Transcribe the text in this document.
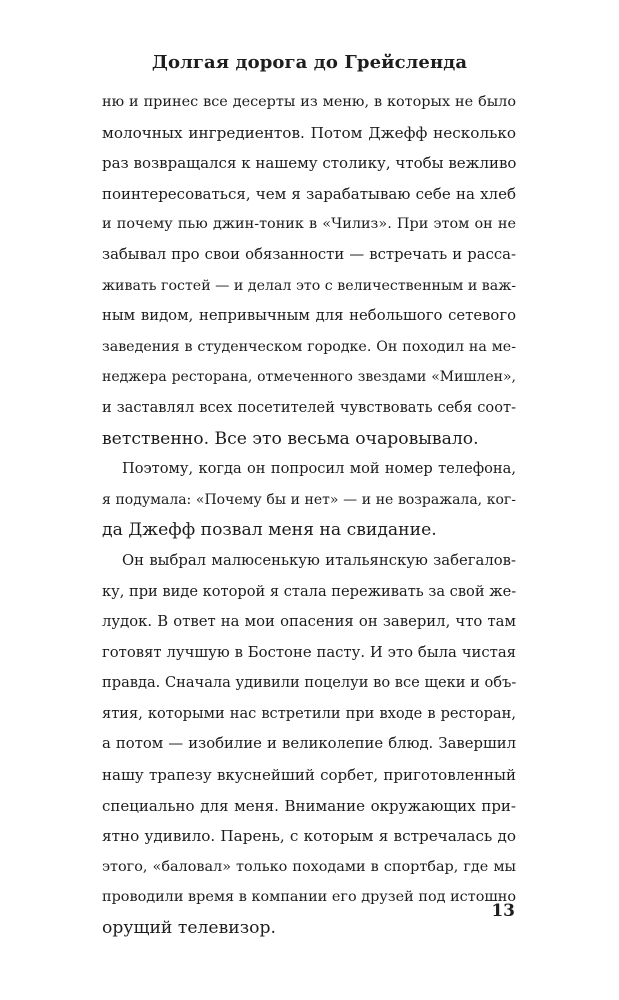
Долгая дорога до Грейсленда
ню и принес все десерты из меню, в которых не было
молочных ингредиентов. Потом Джефф несколько
раз возвращался к нашему столику, чтобы вежливо
поинтересоваться, чем я зарабатываю себе на хлеб
и почему пью джин-тоник в «Чилиз». При этом он не
забывал про свои обязанности — встречать и расса-
живать гостей — и делал это с величественным и важ-
ным видом, непривычным для небольшого сетевого
заведения в студенческом городке. Он походил на ме-
неджера ресторана, отмеченного звездами «Мишлен»,
и заставлял всех посетителей чувствовать себя соот-
ветственно. Все это весьма очаровывало.
Поэтому, когда он попросил мой номер телефона,
я подумала: «Почему бы и нет» — и не возражала, ког-
да Джефф позвал меня на свидание.
Он выбрал малюсенькую итальянскую забегалов-
ку, при виде которой я стала переживать за свой же-
лудок. В ответ на мои опасения он заверил, что там
готовят лучшую в Бостоне пасту. И это была чистая
правда. Сначала удивили поцелуи во все щеки и объ-
ятия, которыми нас встретили при входе в ресторан,
а потом — изобилие и великолепие блюд. Завершил
нашу трапезу вкуснейший сорбет, приготовленный
специально для меня. Внимание окружающих при-
ятно удивило. Парень, с которым я встречалась до
этого, «баловал» только походами в спортбар, где мы
проводили время в компании его друзей под истошно
орущий телевизор.
13
